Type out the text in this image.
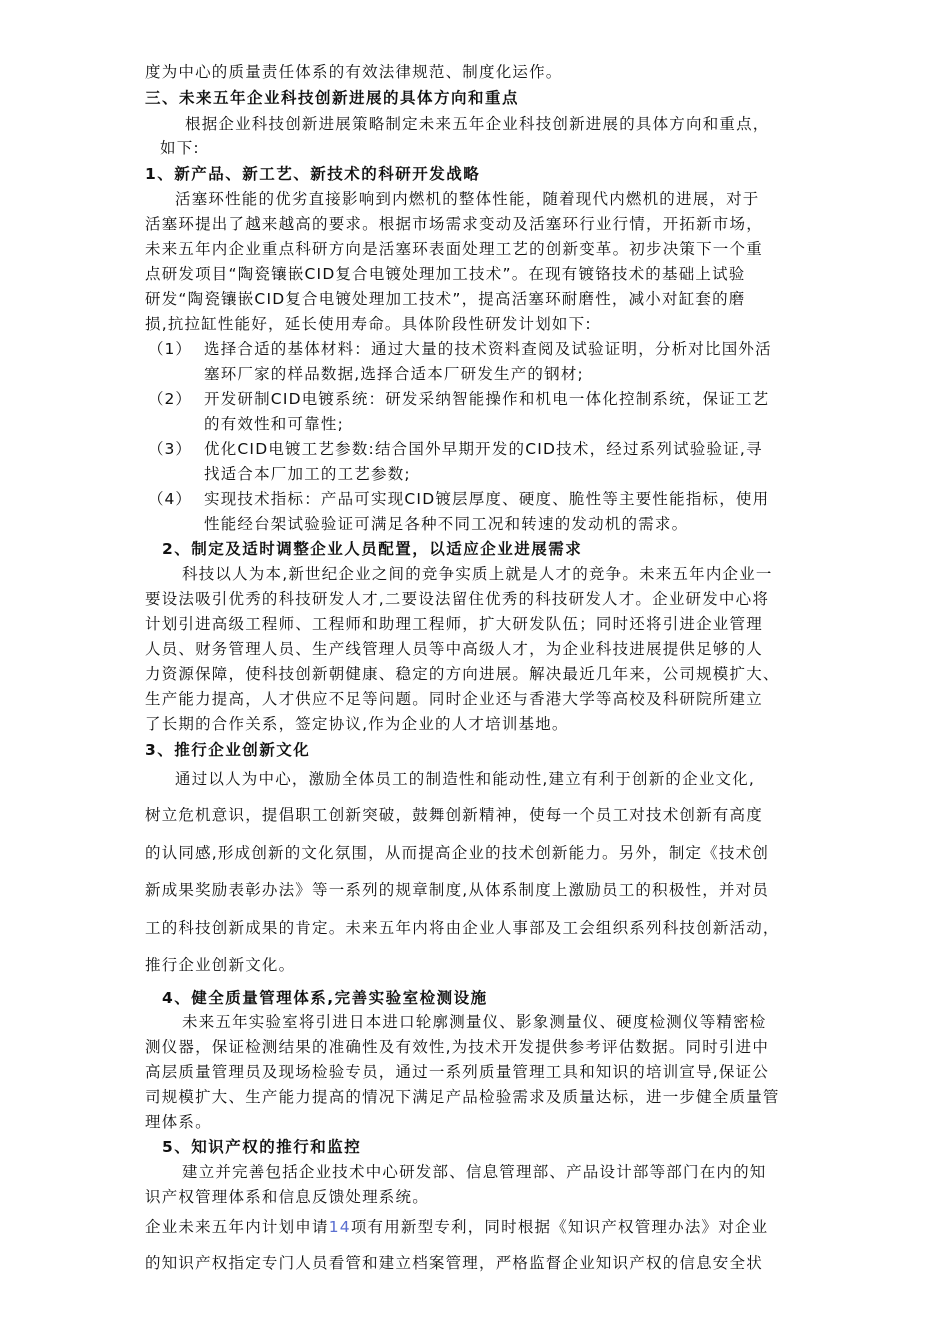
度为中心的质量责任体系的有效法律规范、制度化运作。
三、未来五年企业科技创新进展的具体方向和重点
根据企业科技创新进展策略制定未来五年企业科技创新进展的具体方向和重点，
如下:
1、新产品、新工艺、新技术的科研开发战略
活塞环性能的优劣直接影响到内燃机的整体性能，随着现代内燃机的进展，对于
活塞环提出了越来越高的要求。根据市场需求变动及活塞环行业行情，开拓新市场，
未来五年内企业重点科研方向是活塞环表面处理工艺的创新变革。初步决策下一个重
点研发项目“陶瓷镶嵌CID复合电镀处理加工技术”。在现有镀铬技术的基础上试验
研发“陶瓷镶嵌CID复合电镀处理加工技术”，提高活塞环耐磨性，减小对缸套的磨
损,抗拉缸性能好，延长使用寿命。具体阶段性研发计划如下:
（1） 选择合适的基体材料：通过大量的技术资料查阅及试验证明，分析对比国外活
塞环厂家的样品数据,选择合适本厂研发生产的钢材;
（2） 开发研制CID电镀系统：研发采纳智能操作和机电一体化控制系统，保证工艺
的有效性和可靠性;
（3） 优化CID电镀工艺参数:结合国外早期开发的CID技术，经过系列试验验证,寻
找适合本厂加工的工艺参数;
（4） 实现技术指标：产品可实现CID镀层厚度、硬度、脆性等主要性能指标，使用
性能经台架试验验证可满足各种不同工况和转速的发动机的需求。
2、制定及适时调整企业人员配置，以适应企业进展需求
科技以人为本,新世纪企业之间的竞争实质上就是人才的竞争。未来五年内企业一
要设法吸引优秀的科技研发人才,二要设法留住优秀的科技研发人才。企业研发中心将
计划引进高级工程师、工程师和助理工程师，扩大研发队伍；同时还将引进企业管理
人员、财务管理人员、生产线管理人员等中高级人才，为企业科技进展提供足够的人
力资源保障，使科技创新朝健康、稳定的方向进展。解决最近几年来，公司规模扩大、
生产能力提高，人才供应不足等问题。同时企业还与香港大学等高校及科研院所建立
了长期的合作关系，签定协议,作为企业的人才培训基地。
3、推行企业创新文化
通过以人为中心，激励全体员工的制造性和能动性,建立有利于创新的企业文化,
树立危机意识，提倡职工创新突破，鼓舞创新精神，使每一个员工对技术创新有高度
的认同感,形成创新的文化氛围，从而提高企业的技术创新能力。另外，制定《技术创
新成果奖励表彰办法》等一系列的规章制度,从体系制度上激励员工的积极性，并对员
工的科技创新成果的肯定。未来五年内将由企业人事部及工会组织系列科技创新活动，
推行企业创新文化。
4、健全质量管理体系,完善实验室检测设施
未来五年实验室将引进日本进口轮廓测量仪、影象测量仪、硬度检测仪等精密检
测仪器，保证检测结果的准确性及有效性,为技术开发提供参考评估数据。同时引进中
高层质量管理员及现场检验专员，通过一系列质量管理工具和知识的培训宣导,保证公
司规模扩大、生产能力提高的情况下满足产品检验需求及质量达标，进一步健全质量管
理体系。
5、知识产权的推行和监控
建立并完善包括企业技术中心研发部、信息管理部、产品设计部等部门在内的知
识产权管理体系和信息反馈处理系统。
企业未来五年内计划申请14项有用新型专利，同时根据《知识产权管理办法》对企业
的知识产权指定专门人员看管和建立档案管理，严格监督企业知识产权的信息安全状
